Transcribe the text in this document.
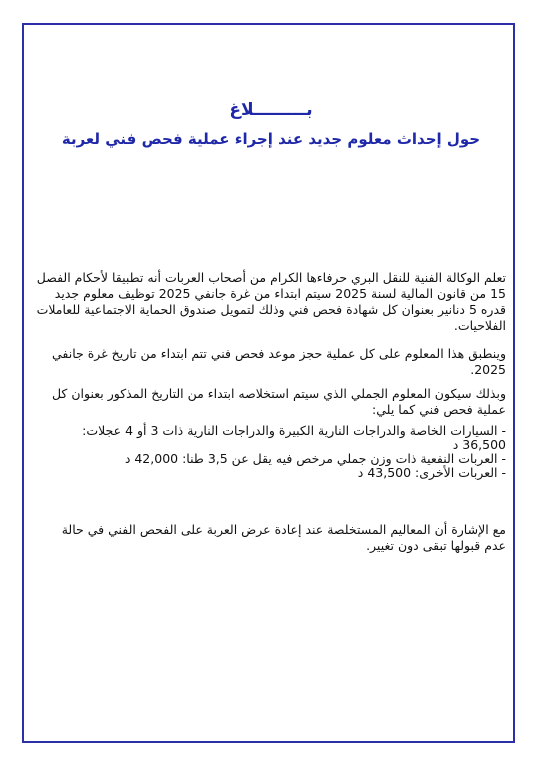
بـــــــــلاغ
حول إحداث معلوم جديد عند إجراء عملية فحص فني لعربة

تعلم الوكالة الفنية للنقل البري حرفاءها الكرام من أصحاب العربات أنه تطبيقا لأحكام الفصل 15 من قانون المالية لسنة 2025 سيتم ابتداء من غرة جانفي 2025 توظيف معلوم جديد قدره 5 دنانير بعنوان كل شهادة فحص فني وذلك لتمويل صندوق الحماية الاجتماعية للعاملات الفلاحيات.

وينطبق هذا المعلوم على كل عملية حجز موعد فحص فني تتم ابتداء من تاريخ غرة جانفي 2025.

وبذلك سيكون المعلوم الجملي الذي سيتم استخلاصه ابتداء من التاريخ المذكور بعنوان كل عملية فحص فني كما يلي:

- السيارات الخاصة والدراجات النارية الكبيرة والدراجات النارية ذات 3 أو 4 عجلات: 36,500 د

- العربات النفعية ذات وزن جملي مرخص فيه يقل عن 3,5 طنا: 42,000 د

- العربات الأخرى: 43,500 د

مع الإشارة أن المعاليم المستخلصة عند إعادة عرض العربة على الفحص الفني في حالة عدم قبولها تبقى دون تغيير.
